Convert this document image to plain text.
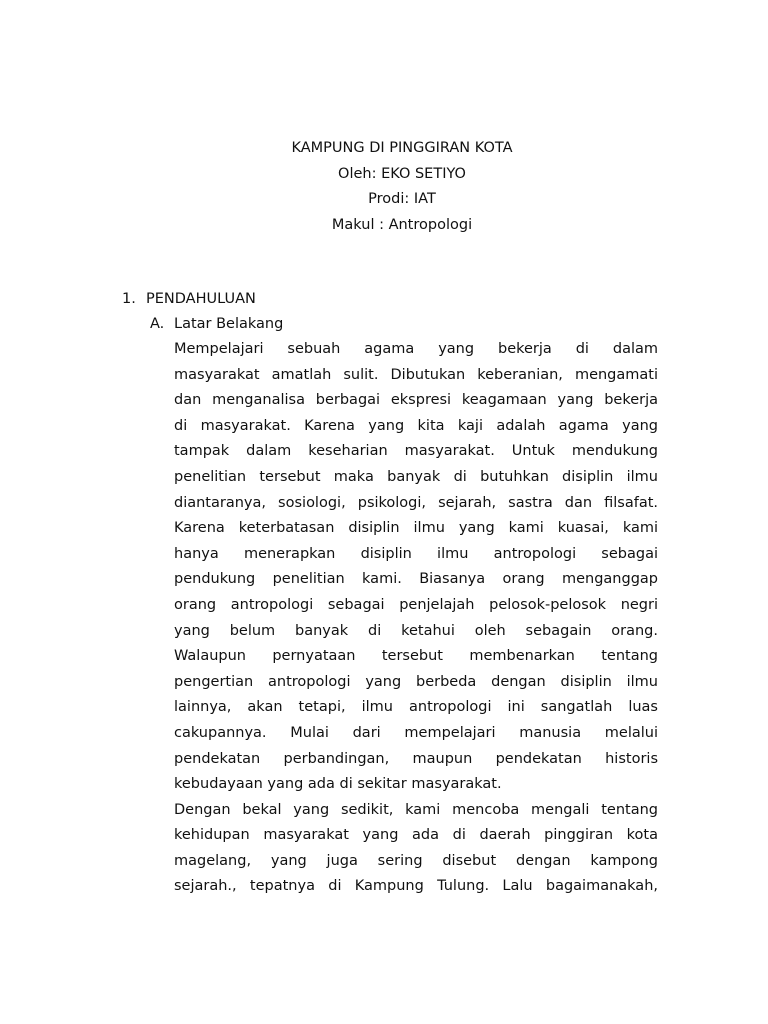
KAMPUNG DI PINGGIRAN KOTA
Oleh: EKO SETIYO
Prodi: IAT
Makul : Antropologi
1. PENDAHULUAN
A. Latar Belakang
Mempelajari sebuah agama yang bekerja di dalam
masyarakat amatlah sulit. Dibutukan keberanian, mengamati
dan menganalisa berbagai ekspresi keagamaan yang bekerja
di masyarakat. Karena yang kita kaji adalah agama yang
tampak dalam keseharian masyarakat. Untuk mendukung
penelitian tersebut maka banyak di butuhkan disiplin ilmu
diantaranya, sosiologi, psikologi, sejarah, sastra dan filsafat.
Karena keterbatasan disiplin ilmu yang kami kuasai, kami
hanya menerapkan disiplin ilmu antropologi sebagai
pendukung penelitian kami. Biasanya orang menganggap
orang antropologi sebagai penjelajah pelosok-pelosok negri
yang belum banyak di ketahui oleh sebagain orang.
Walaupun pernyataan tersebut membenarkan tentang
pengertian antropologi yang berbeda dengan disiplin ilmu
lainnya, akan tetapi, ilmu antropologi ini sangatlah luas
cakupannya. Mulai dari mempelajari manusia melalui
pendekatan perbandingan, maupun pendekatan historis
kebudayaan yang ada di sekitar masyarakat.
Dengan bekal yang sedikit, kami mencoba mengali tentang
kehidupan masyarakat yang ada di daerah pinggiran kota
magelang, yang juga sering disebut dengan kampong
sejarah., tepatnya di Kampung Tulung. Lalu bagaimanakah,
